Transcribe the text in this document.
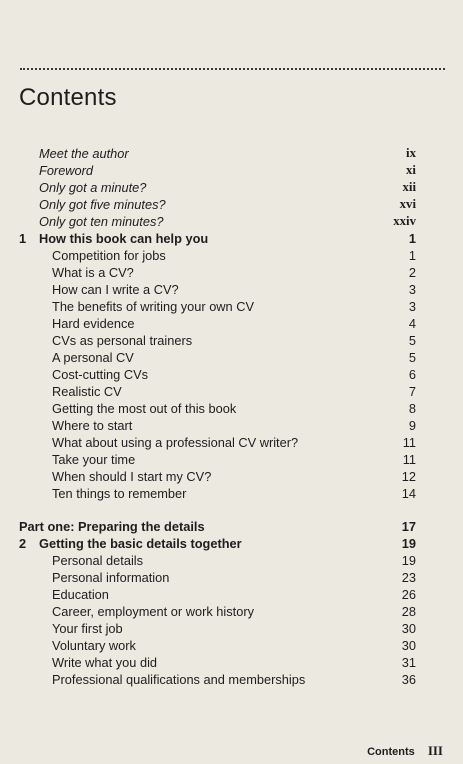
Contents
Meet the author	ix
Foreword	xi
Only got a minute?	xii
Only got five minutes?	xvi
Only got ten minutes?	xxiv
1	How this book can help you	1
Competition for jobs	1
What is a CV?	2
How can I write a CV?	3
The benefits of writing your own CV	3
Hard evidence	4
CVs as personal trainers	5
A personal CV	5
Cost-cutting CVs	6
Realistic CV	7
Getting the most out of this book	8
Where to start	9
What about using a professional CV writer?	11
Take your time	11
When should I start my CV?	12
Ten things to remember	14
Part one: Preparing the details	17
2	Getting the basic details together	19
Personal details	19
Personal information	23
Education	26
Career, employment or work history	28
Your first job	30
Voluntary work	30
Write what you did	31
Professional qualifications and memberships	36
Contents III
